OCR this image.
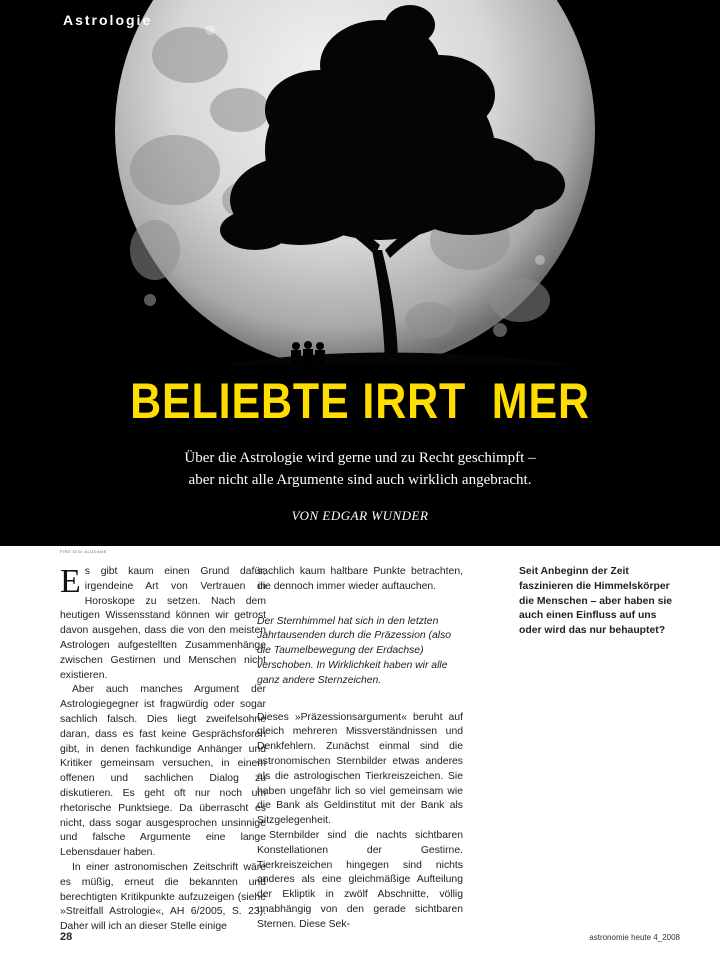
Astrologie
BELIEBTE IRRT  MER
Über die Astrologie wird gerne und zu Recht geschimpft –
aber nicht alle Argumente sind auch wirklich angebracht.
VON EDGAR WUNDER
FIRE DIGI ALUDANE

Es gibt kaum einen Grund dafür, irgendeine Art von Vertrauen in Horoskope zu setzen. Nach dem heutigen Wissensstand können wir getrost davon ausgehen, dass die von den meisten Astrologen aufgestellten Zusammenhänge zwischen Gestirnen und Menschen nicht existieren.

Aber auch manches Argument der Astrologiegegner ist fragwürdig oder sogar sachlich falsch. Dies liegt zweifelsohne daran, dass es fast keine Gesprächsforen gibt, in denen fachkundige Anhänger und Kritiker gemeinsam versuchen, in einem offenen und sachlichen Dialog zu diskutieren. Es geht oft nur noch um rhetorische Punktsiege. Da überrascht es nicht, dass sogar ausgesprochen unsinnige und falsche Argumente eine lange Lebensdauer haben.

In einer astronomischen Zeitschrift wäre es müßig, erneut die bekannten und berechtigten Kritikpunkte aufzuzeigen (siehe »Streitfall Astrologie«, AH 6/2005, S. 23). Daher will ich an dieser Stelle einige

sachlich kaum haltbare Punkte betrachten, die dennoch immer wieder auftauchen.

Der Sternhimmel hat sich in den letzten Jahrtausenden durch die Präzession (also die Taumelbewegung der Erdachse) verschoben. In Wirklichkeit haben wir alle ganz andere Sternzeichen.

Dieses »Präzessionsargument« beruht auf gleich mehreren Missverständnissen und Denkfehlern. Zunächst einmal sind die astronomischen Sternbilder etwas anderes als die astrologischen Tierkreiszeichen. Sie haben ungefähr lich so viel gemeinsam wie die Bank als Geldinstitut mit der Bank als Sitzgelegenheit.

Sternbilder sind die nachts sichtbaren Konstellationen der Gestirne. Tierkreiszeichen hingegen sind nichts anderes als eine gleichmäßige Aufteilung der Ekliptik in zwölf Abschnitte, völlig unabhängig von den gerade sichtbaren Sternen. Diese Sek-

Seit Anbeginn der Zeit faszinieren die Himmelskörper die Menschen – aber haben sie auch einen Einfluss auf uns oder wird das nur behauptet?
28	astronomie heute 4_2008
